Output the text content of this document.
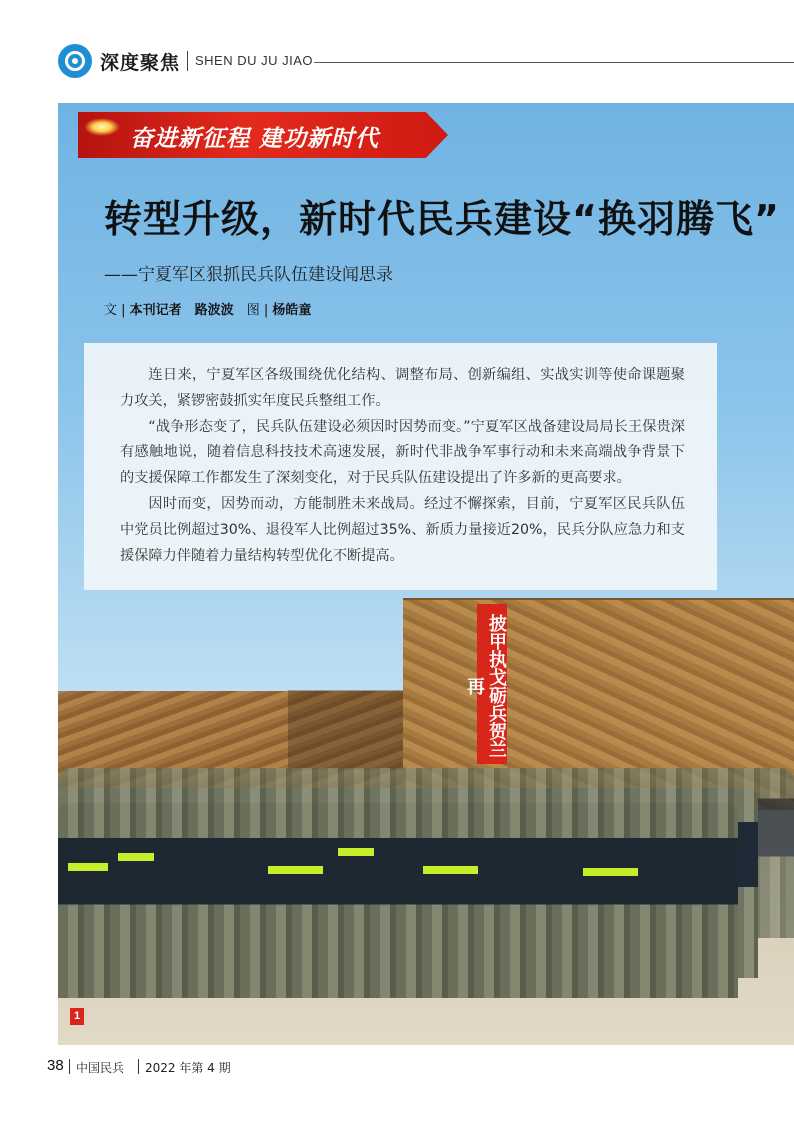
深度聚焦 SHEN DU JU JIAO
奋进新征程 建功新时代
转型升级，新时代民兵建设“换羽腾飞”
——宁夏军区狠抓民兵队伍建设闻思录
文 | 本刊记者　路波波　 图 | 杨皓童

连日来，宁夏军区各级围绕优化结构、调整布局、创新编组、实战实训等使命课题聚力攻关，紧锣密鼓抓实年度民兵整组工作。

“战争形态变了，民兵队伍建设必须因时因势而变。”宁夏军区战备建设局局长王保贵深有感触地说，随着信息科技技术高速发展，新时代非战争军事行动和未来高端战争背景下的支援保障工作都发生了深刻变化，对于民兵队伍建设提出了许多新的更高要求。

因时而变，因势而动，方能制胜未来战局。经过不懈探索，目前，宁夏军区民兵队伍中党员比例超过30%、退役军人比例超过35%、新质力量接近20%，民兵分队应急力和支援保障力伴随着力量结构转型优化不断提高。

披甲执戈砺兵贺兰再
1
38 中国民兵 2022 年第 4 期
